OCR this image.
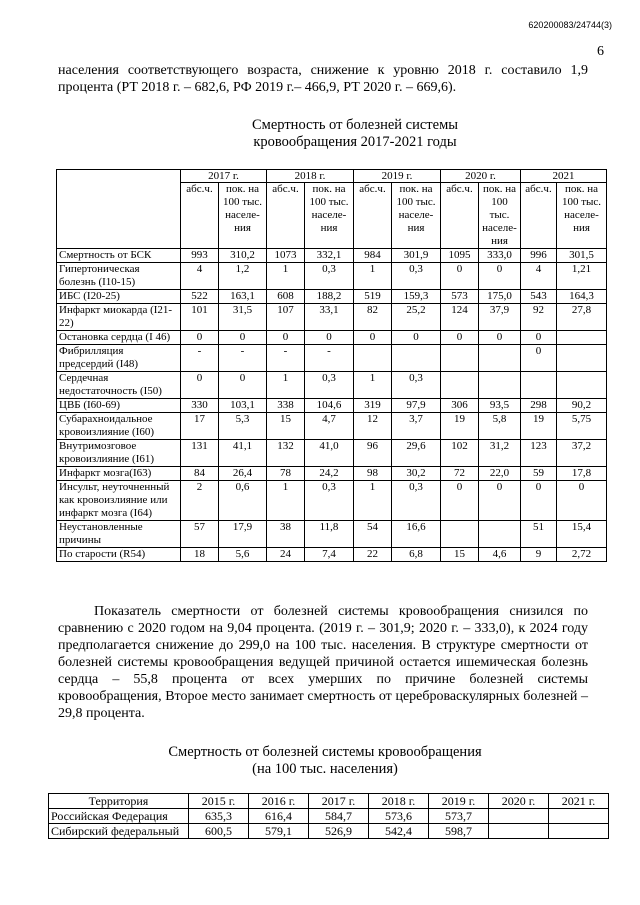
620200083/24744(3)
6

населения соответствующего возраста, снижение к уровню 2018 г. составило 1,9 процента (РТ 2018 г. – 682,6, РФ 2019 г.– 466,9, РТ 2020 г. – 669,6).

Смертность от болезней системы
кровообращения 2017-2021 годы
	2017 г.		2018 г.		2019 г.		2020 г.		2021	
	абс.ч.	пок. на 100 тыс. населе-ния	абс.ч.	пок. на 100 тыс. населе-ния	абс.ч.	пок. на 100 тыс. населе-ния	абс.ч.	пок. на 100 тыс. населе-ния	абс.ч.	пок. на 100 тыс. населе-ния
Смертность от БСК	993	310,2	1073	332,1	984	301,9	1095	333,0	996	301,5
Гипертоническая болезнь (I10-15)	4	1,2	1	0,3	1	0,3	0	0	4	1,21
ИБС (I20-25)	522	163,1	608	188,2	519	159,3	573	175,0	543	164,3
Инфаркт миокарда (I21-22)	101	31,5	107	33,1	82	25,2	124	37,9	92	27,8
Остановка сердца (I 46)	0	0	0	0	0	0	0	0	0	
Фибрилляция предсердий (I48)	-	-	-	-					0	
Сердечная недостаточность (I50)	0	0	1	0,3	1	0,3				
ЦВБ (I60-69)	330	103,1	338	104,6	319	97,9	306	93,5	298	90,2
Субарахноидальное кровоизлияние (I60)	17	5,3	15	4,7	12	3,7	19	5,8	19	5,75
Внутримозговое кровоизлияние (I61)	131	41,1	132	41,0	96	29,6	102	31,2	123	37,2
Инфаркт мозга(I63)	84	26,4	78	24,2	98	30,2	72	22,0	59	17,8
Инсульт, неуточненный как кровоизлияние или инфаркт мозга (I64)	2	0,6	1	0,3	1	0,3	0	0	0	0
Неустановленные причины	57	17,9	38	11,8	54	16,6			51	15,4
По старости (R54)	18	5,6	24	7,4	22	6,8	15	4,6	9	2,72

Показатель смертности от болезней системы кровообращения снизился по сравнению с 2020 годом на 9,04 процента. (2019 г. – 301,9; 2020 г. – 333,0), к 2024 году предполагается снижение до 299,0 на 100 тыс. населения. В структуре смертности от болезней системы кровообращения ведущей причиной остается ишемическая болезнь сердца – 55,8 процента от всех умерших по причине болезней системы кровообращения, Второе место занимает смертность от цереброваскулярных болезней – 29,8 процента.

Смертность от болезней системы кровообращения
(на 100 тыс. населения)
Территория	2015 г.	2016 г.	2017 г.	2018 г.	2019 г.	2020 г.	2021 г.
Российская Федерация	635,3	616,4	584,7	573,6	573,7		
Сибирский федеральный	600,5	579,1	526,9	542,4	598,7		
